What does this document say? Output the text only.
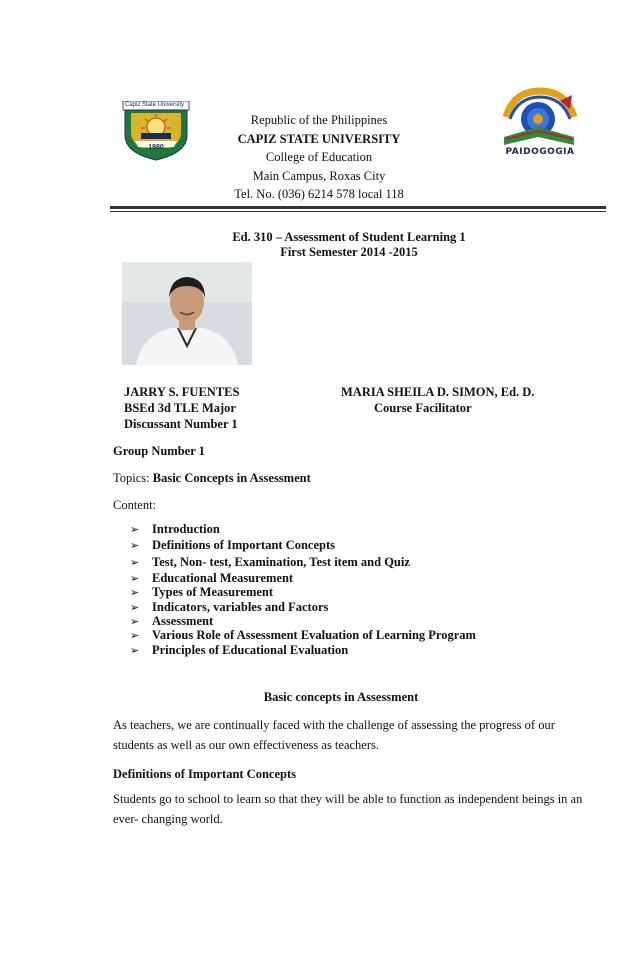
Capiz State University
1980	PAIDOGOGIA
Republic of the Philippines
CAPIZ STATE UNIVERSITY
College of Education
Main Campus, Roxas City
Tel. No. (036) 6214 578 local 118
Ed. 310 – Assessment of Student Learning 1
First Semester 2014 -2015
JARRY S. FUENTES
BSEd 3d TLE Major
Discussant Number 1
MARIA SHEILA D. SIMON, Ed. D.
Course Facilitator
Group Number 1
Topics: Basic Concepts in Assessment
Content:
➢ Introduction
➢ Definitions of Important Concepts
➢ Test, Non- test, Examination, Test item and Quiz
➢ Educational Measurement
➢ Types of Measurement
➢ Indicators, variables and Factors
➢ Assessment
➢ Various Role of Assessment Evaluation of Learning Program
➢ Principles of Educational Evaluation
Basic concepts in Assessment
As teachers, we are continually faced with the challenge of assessing the progress of our students as well as our own effectiveness as teachers.
Definitions of Important Concepts
Students go to school to learn so that they will be able to function as independent beings in an ever- changing world.
